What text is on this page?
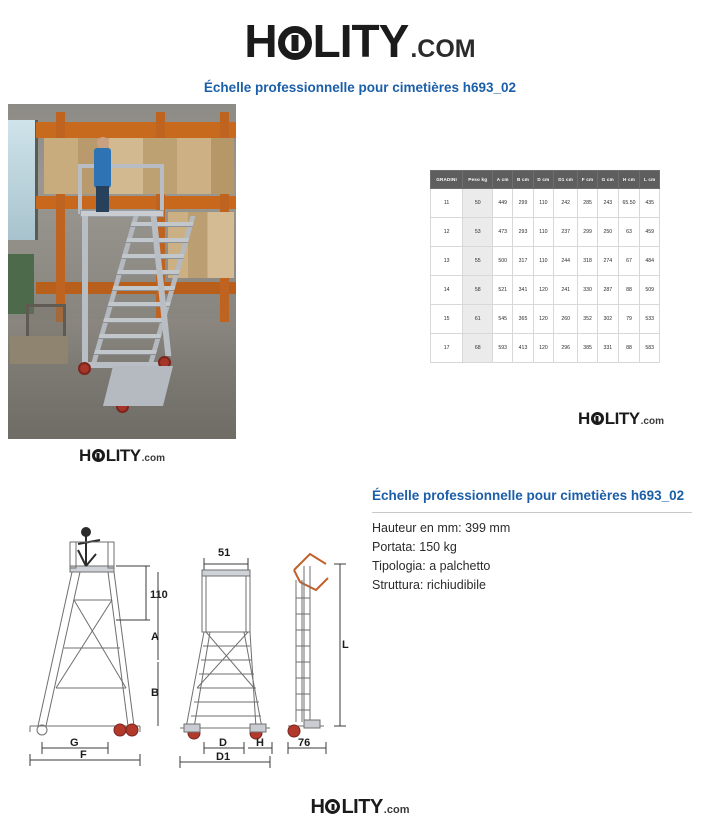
H LITY .COM
Échelle professionnelle pour cimetières h693_02
H LITY .com
GRADINI	Peso kg	A cm	B cm	D cm	D1 cm	F cm	G cm	H cm	L cm
11	50	449	299	110	242	285	243	65.50	435
12	53	473	293	110	237	299	250	63	459
13	55	500	317	110	244	318	274	67	484
14	58	521	341	120	241	330	287	88	509
15	61	545	365	120	260	352	302	79	533
17	68	593	413	120	296	385	331	88	583
H LITY .com
Échelle professionnelle pour cimetières h693_02
Hauteur en mm: 399 mm
Portata: 150 kg
Tipologia: a palchetto
Struttura: richiudibile
110
A
B
G
F
51
D	H
D1
L
76
H LITY .com
